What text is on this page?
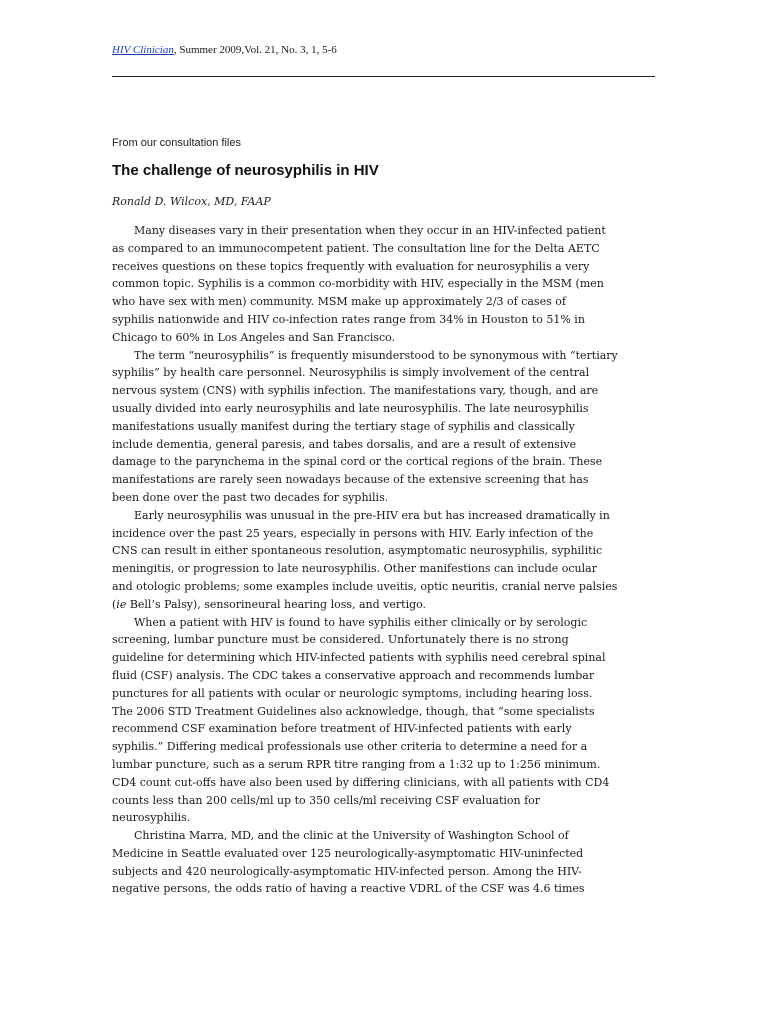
HIV Clinician, Summer 2009,Vol. 21, No. 3, 1, 5-6
From our consultation files
The challenge of neurosyphilis in HIV
Ronald D. Wilcox, MD, FAAP
Many diseases vary in their presentation when they occur in an HIV-infected patient
as compared to an immunocompetent patient. The consultation line for the Delta AETC
receives questions on these topics frequently with evaluation for neurosyphilis a very
common topic. Syphilis is a common co-morbidity with HIV, especially in the MSM (men
who have sex with men) community. MSM make up approximately 2/3 of cases of
syphilis nationwide and HIV co-infection rates range from 34% in Houston to 51% in
Chicago to 60% in Los Angeles and San Francisco.
The term “neurosyphilis” is frequently misunderstood to be synonymous with “tertiary
syphilis” by health care personnel. Neurosyphilis is simply involvement of the central
nervous system (CNS) with syphilis infection. The manifestations vary, though, and are
usually divided into early neurosyphilis and late neurosyphilis. The late neurosyphilis
manifestations usually manifest during the tertiary stage of syphilis and classically
include dementia, general paresis, and tabes dorsalis, and are a result of extensive
damage to the parynchema in the spinal cord or the cortical regions of the brain. These
manifestations are rarely seen nowadays because of the extensive screening that has
been done over the past two decades for syphilis.
Early neurosyphilis was unusual in the pre-HIV era but has increased dramatically in
incidence over the past 25 years, especially in persons with HIV. Early infection of the
CNS can result in either spontaneous resolution, asymptomatic neurosyphilis, syphilitic
meningitis, or progression to late neurosyphilis. Other manifestions can include ocular
and otologic problems; some examples include uveitis, optic neuritis, cranial nerve palsies
(ie Bell’s Palsy), sensorineural hearing loss, and vertigo.
When a patient with HIV is found to have syphilis either clinically or by serologic
screening, lumbar puncture must be considered. Unfortunately there is no strong
guideline for determining which HIV-infected patients with syphilis need cerebral spinal
fluid (CSF) analysis. The CDC takes a conservative approach and recommends lumbar
punctures for all patients with ocular or neurologic symptoms, including hearing loss.
The 2006 STD Treatment Guidelines also acknowledge, though, that “some specialists
recommend CSF examination before treatment of HIV-infected patients with early
syphilis.” Differing medical professionals use other criteria to determine a need for a
lumbar puncture, such as a serum RPR titre ranging from a 1:32 up to 1:256 minimum.
CD4 count cut-offs have also been used by differing clinicians, with all patients with CD4
counts less than 200 cells/ml up to 350 cells/ml receiving CSF evaluation for
neurosyphilis.
Christina Marra, MD, and the clinic at the University of Washington School of
Medicine in Seattle evaluated over 125 neurologically-asymptomatic HIV-uninfected
subjects and 420 neurologically-asymptomatic HIV-infected person. Among the HIV-
negative persons, the odds ratio of having a reactive VDRL of the CSF was 4.6 times
